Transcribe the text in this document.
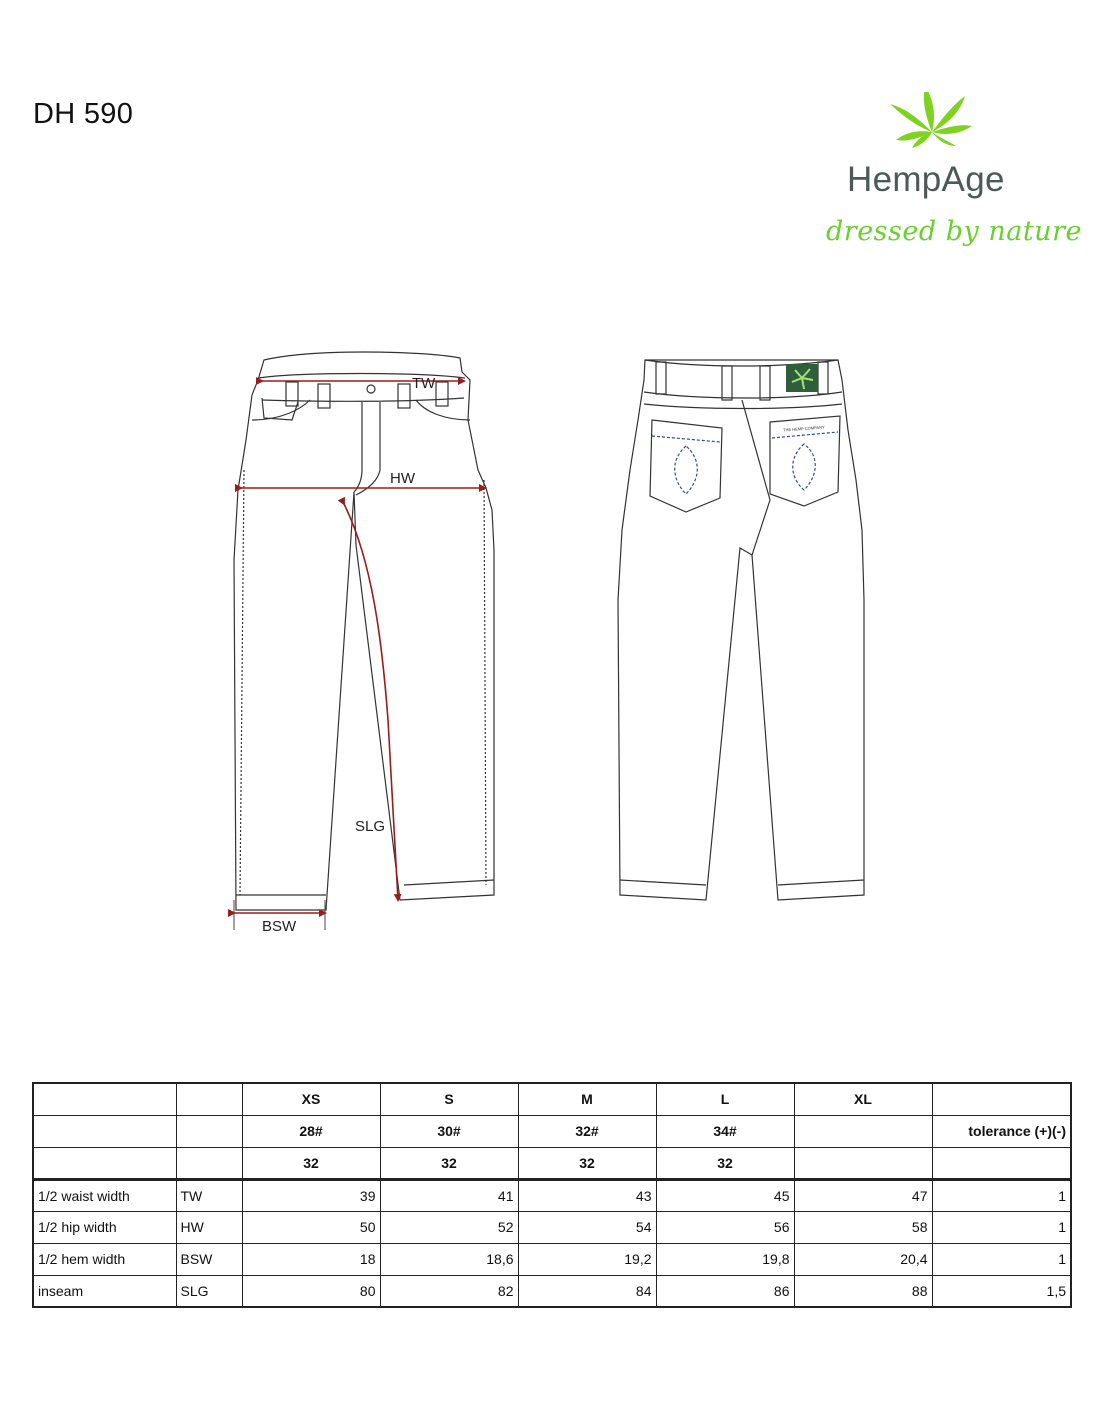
DH 590
HempAge
dressed by nature
TW
HW
SLG
BSW
THE HEMP COMPANY
		XS	S	M	L	XL	
		28#	30#	32#	34#		tolerance (+)(-)
		32	32	32	32		
1/2 waist width	TW	39	41	43	45	47	1
1/2 hip width	HW	50	52	54	56	58	1
1/2 hem width	BSW	18	18,6	19,2	19,8	20,4	1
inseam	SLG	80	82	84	86	88	1,5
